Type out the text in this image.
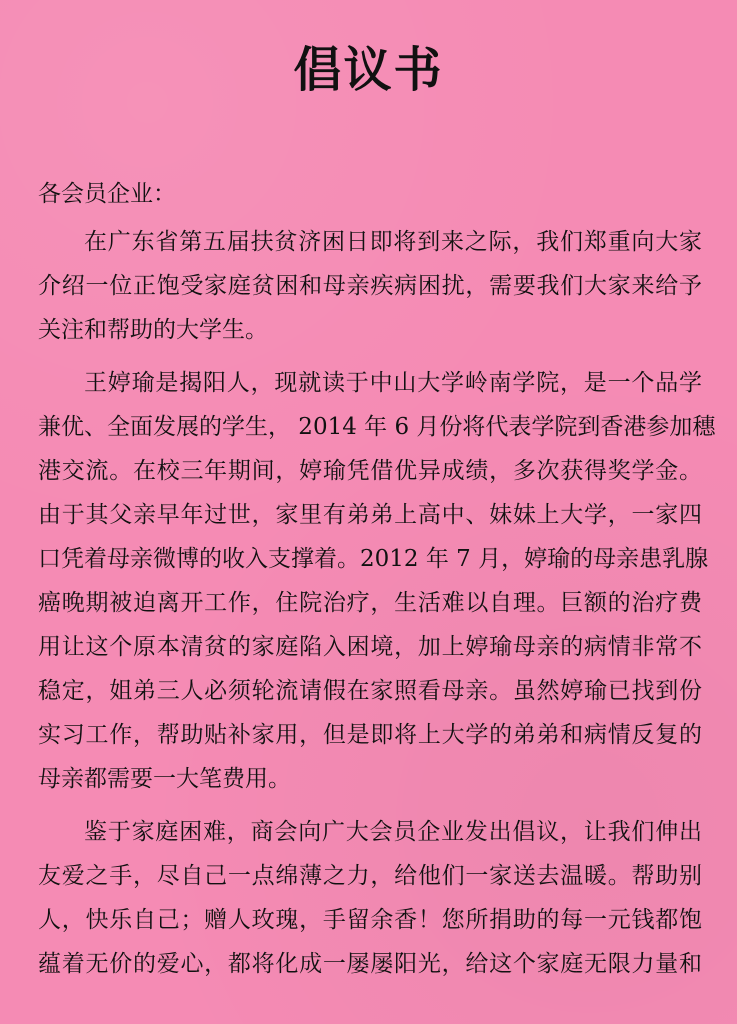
倡议书
各会员企业：
在广东省第五届扶贫济困日即将到来之际，我们郑重向大家
介绍一位正饱受家庭贫困和母亲疾病困扰，需要我们大家来给予
关注和帮助的大学生。
王婷瑜是揭阳人，现就读于中山大学岭南学院，是一个品学
兼优、全面发展的学生， 2014 年 6 月份将代表学院到香港参加穗
港交流。在校三年期间，婷瑜凭借优异成绩，多次获得奖学金。
由于其父亲早年过世，家里有弟弟上高中、妹妹上大学，一家四
口凭着母亲微博的收入支撑着。2012 年 7 月，婷瑜的母亲患乳腺
癌晚期被迫离开工作，住院治疗，生活难以自理。巨额的治疗费
用让这个原本清贫的家庭陷入困境，加上婷瑜母亲的病情非常不
稳定，姐弟三人必须轮流请假在家照看母亲。虽然婷瑜已找到份
实习工作，帮助贴补家用，但是即将上大学的弟弟和病情反复的
母亲都需要一大笔费用。
鉴于家庭困难，商会向广大会员企业发出倡议，让我们伸出
友爱之手，尽自己一点绵薄之力，给他们一家送去温暖。帮助别
人，快乐自己；赠人玫瑰，手留余香！您所捐助的每一元钱都饱
蕴着无价的爱心，都将化成一屡屡阳光，给这个家庭无限力量和
